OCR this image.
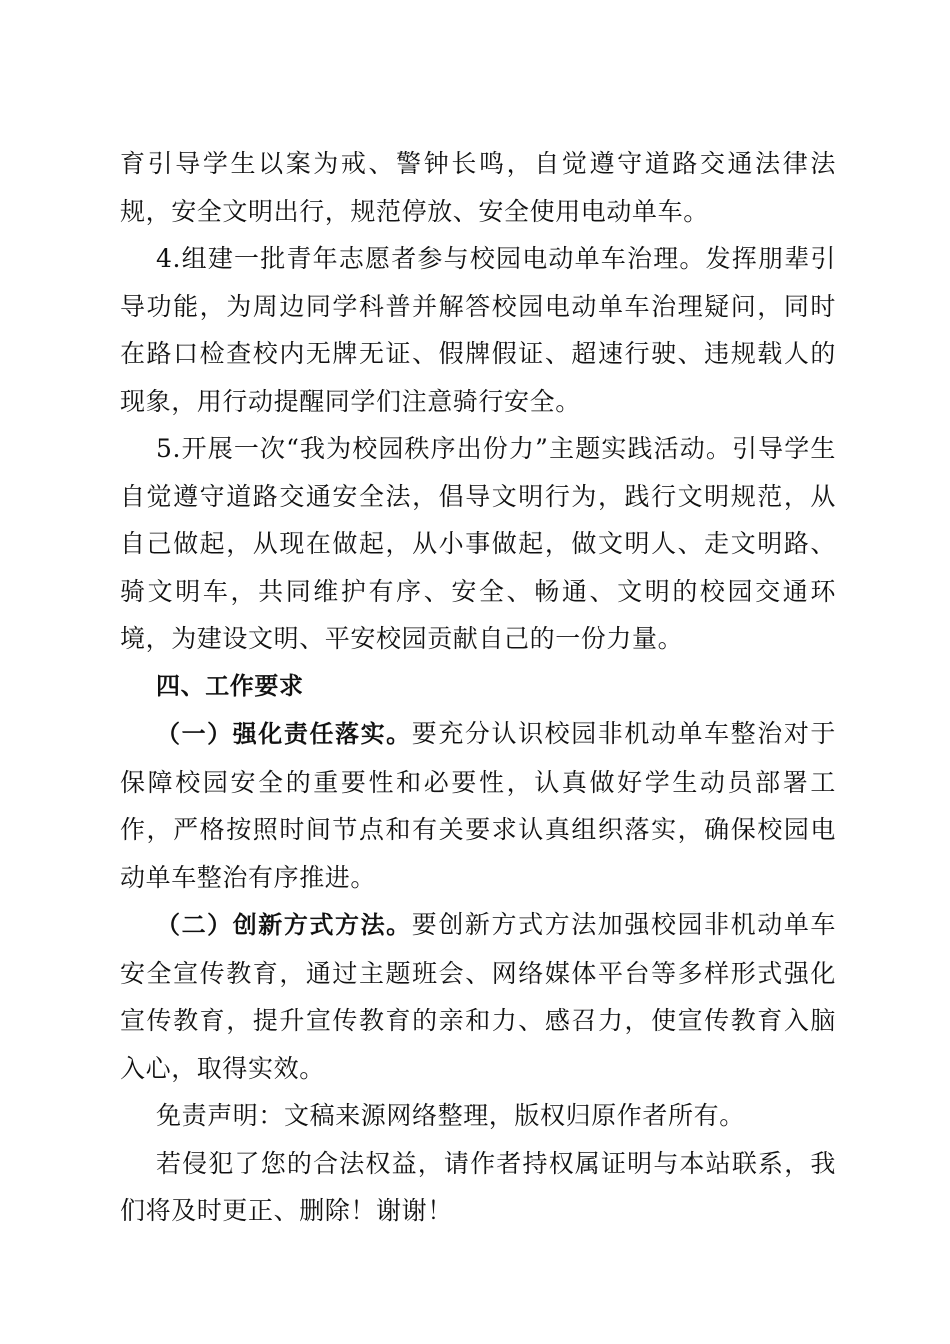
育引导学生以案为戒、警钟长鸣，自觉遵守道路交通法律法规，安全文明出行，规范停放、安全使用电动单车。

4.组建一批青年志愿者参与校园电动单车治理。发挥朋辈引导功能，为周边同学科普并解答校园电动单车治理疑问，同时在路口检查校内无牌无证、假牌假证、超速行驶、违规载人的现象，用行动提醒同学们注意骑行安全。

5.开展一次“我为校园秩序出份力”主题实践活动。引导学生自觉遵守道路交通安全法，倡导文明行为，践行文明规范，从自己做起，从现在做起，从小事做起，做文明人、走文明路、骑文明车，共同维护有序、安全、畅通、文明的校园交通环境，为建设文明、平安校园贡献自己的一份力量。

四、工作要求

（一）强化责任落实。要充分认识校园非机动单车整治对于保障校园安全的重要性和必要性，认真做好学生动员部署工作，严格按照时间节点和有关要求认真组织落实，确保校园电动单车整治有序推进。

（二）创新方式方法。要创新方式方法加强校园非机动单车安全宣传教育，通过主题班会、网络媒体平台等多样形式强化宣传教育，提升宣传教育的亲和力、感召力，使宣传教育入脑入心，取得实效。

免责声明：文稿来源网络整理，版权归原作者所有。

若侵犯了您的合法权益，请作者持权属证明与本站联系，我们将及时更正、删除！谢谢！
